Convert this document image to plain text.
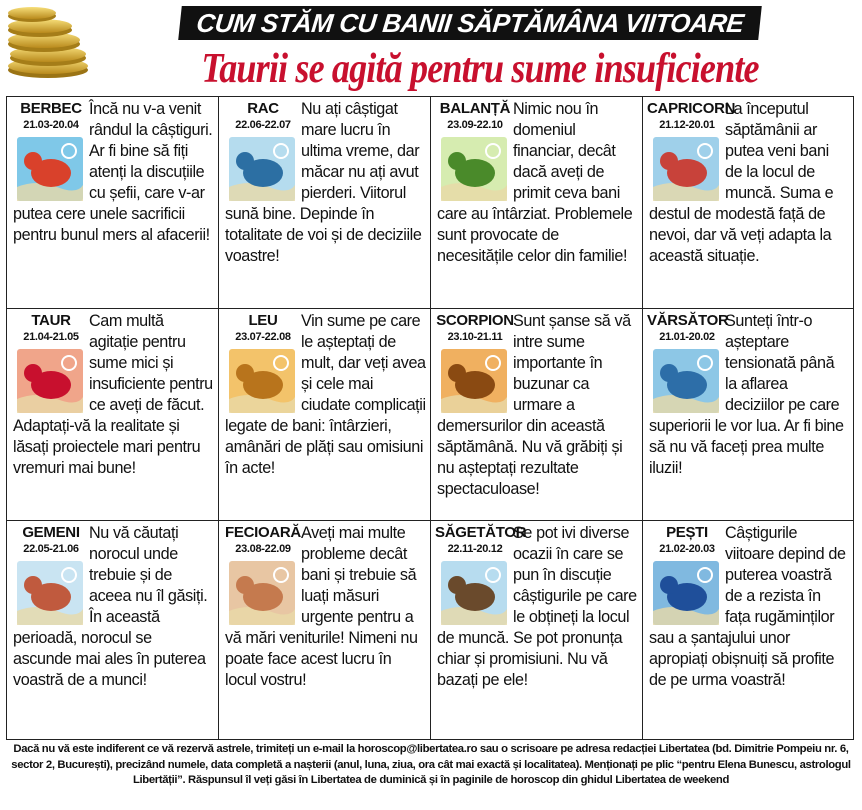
CUM STĂM CU BANII SĂPTĂMÂNA VIITOARE
Taurii se agită pentru sume insuficiente
Încă nu v-a venit rândul la câștiguri. Ar fi bine să fiți atenți la discuțiile cu șefii, care v-ar putea cere unele sacrificii pentru bunul mers al afacerii!
BERBEC
21.03-20.04
Nu ați câștigat mare lucru în ultima vreme, dar măcar nu ați avut pierderi. Viitorul sună bine. Depinde în totalitate de voi și de deciziile voastre!
RAC
22.06-22.07
Nimic nou în domeniul financiar, decât dacă aveți de primit ceva bani care au întârziat. Problemele sunt provocate de necesitățile celor din familie!
BALANȚĂ
23.09-22.10
La începutul săptămânii ar putea veni bani de la locul de muncă. Suma e destul de modestă față de nevoi, dar vă veți adapta la această situație.
CAPRICORN
21.12-20.01
Cam multă agitație pentru sume mici și insuficiente pentru ce aveți de făcut. Adaptați-vă la realitate și lăsați proiectele mari pentru vremuri mai bune!
TAUR
21.04-21.05
Vin sume pe care le așteptați de mult, dar veți avea și cele mai ciudate complicații legate de bani: întârzieri, amânări de plăți sau omisiuni în acte!
LEU
23.07-22.08
Sunt șanse să vă intre sume importante în buzunar ca urmare a demersurilor din această săptămână. Nu vă grăbiți și nu așteptați rezultate spectaculoase!
SCORPION
23.10-21.11
Sunteți într-o așteptare tensionată până la aflarea deciziilor pe care superiorii le vor lua. Ar fi bine să nu vă faceți prea multe iluzii!
VĂRSĂTOR
21.01-20.02
Nu vă căutați norocul unde trebuie și de aceea nu îl găsiți. În această perioadă, norocul se ascunde mai ales în puterea voastră de a munci!
GEMENI
22.05-21.06
Aveți mai multe probleme decât bani și trebuie să luați măsuri urgente pentru a vă mări veniturile! Nimeni nu poate face acest lucru în locul vostru!
FECIOARĂ
23.08-22.09
Se pot ivi diverse ocazii în care se pun în discuție câștigurile pe care le obțineți la locul de muncă. Se pot pronunța chiar și promisiuni. Nu vă bazați pe ele!
SĂGETĂTOR
22.11-20.12
Câștigurile viitoare depind de puterea voastră de a rezista în fața rugăminților sau a șantajului unor apropiați obișnuiți să profite de pe urma voastră!
PEȘTI
21.02-20.03
Dacă nu vă este indiferent ce vă rezervă astrele, trimiteți un e-mail la horoscop@libertatea.ro sau o scrisoare pe adresa redacției Libertatea (bd. Dimitrie Pompeiu nr. 6, sector 2, București), precizând numele, data completă a nașterii (anul, luna, ziua, ora cât mai exactă și localitatea). Menționați pe plic “pentru Elena Bunescu, astrologul Libertății”. Răspunsul îl veți găsi în Libertatea de duminică și în paginile de horoscop din ghidul Libertatea de weekend
